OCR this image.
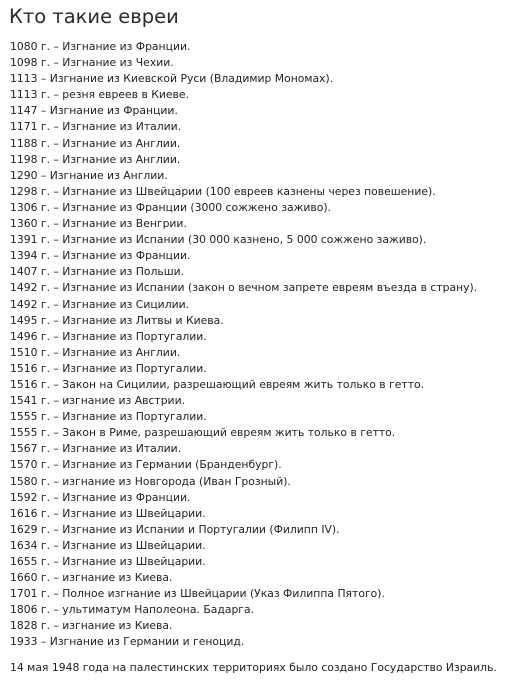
Кто такие евреи
1080 г. – Изгнание из Франции.
1098 г. – Изгнание из Чехии.
1113 – Изгнание из Киевской Руси (Владимир Мономах).
1113 г. – резня евреев в Киеве.
1147 – Изгнание из Франции.
1171 г. – Изгнание из Италии.
1188 г. – Изгнание из Англии.
1198 г. – Изгнание из Англии.
1290 – Изгнание из Англии.
1298 г. – Изгнание из Швейцарии (100 евреев казнены через повешение).
1306 г. – Изгнание из Франции (3000 сожжено заживо).
1360 г. – Изгнание из Венгрии.
1391 г. – Изгнание из Испании (30 000 казнено, 5 000 сожжено заживо).
1394 г. – Изгнание из Франции.
1407 г. – Изгнание из Польши.
1492 г. – Изгнание из Испании (закон о вечном запрете евреям въезда в страну).
1492 г. – Изгнание из Сицилии.
1495 г. – Изгнание из Литвы и Киева.
1496 г. – Изгнание из Португалии.
1510 г. – Изгнание из Англии.
1516 г. – Изгнание из Португалии.
1516 г. – Закон на Сицилии, разрешающий евреям жить только в гетто.
1541 г. – изгнание из Австрии.
1555 г. – Изгнание из Португалии.
1555 г. – Закон в Риме, разрешающий евреям жить только в гетто.
1567 г. – Изгнание из Италии.
1570 г. – Изгнание из Германии (Бранденбург).
1580 г. – изгнание из Новгорода (Иван Грозный).
1592 г. – Изгнание из Франции.
1616 г. – Изгнание из Швейцарии.
1629 г. – Изгнание из Испании и Португалии (Филипп IV).
1634 г. – Изгнание из Швейцарии.
1655 г. – Изгнание из Швейцарии.
1660 г. – изгнание из Киева.
1701 г. – Полное изгнание из Швейцарии (Указ Филиппа Пятого).
1806 г. – ультиматум Наполеона. Бадарга.
1828 г. – изгнание из Киева.
1933 – Изгнание из Германии и геноцид.

14 мая 1948 года на палестинских территориях было создано Государство Израиль.
